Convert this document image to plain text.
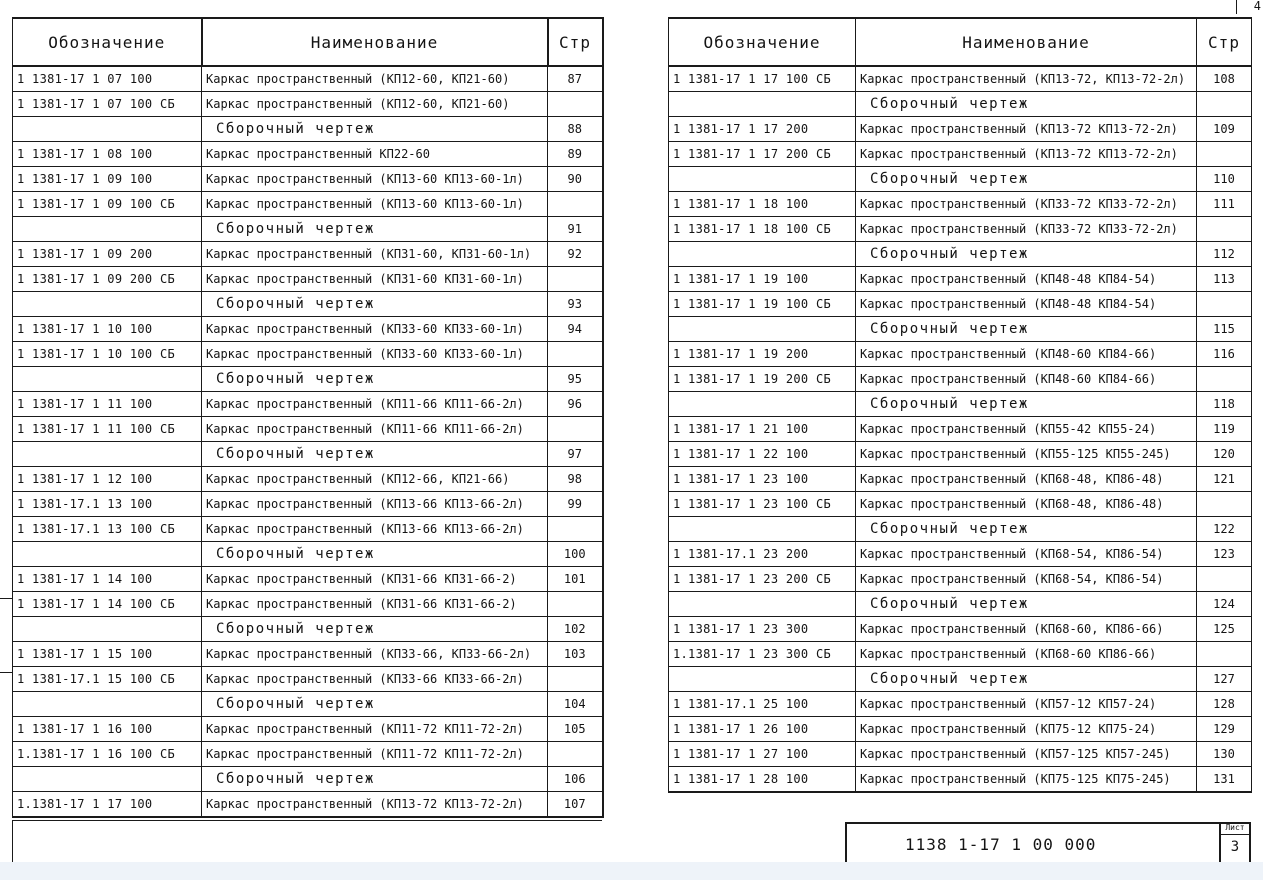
4
Обозначение	Наименование	Стр
1 1381-17 1 07 100	Каркас пространственный (КП12-60, КП21-60)	87
1 1381-17 1 07 100 СБ	Каркас пространственный (КП12-60, КП21-60)	
	Сборочный чертеж	88
1 1381-17 1 08 100	Каркас пространственный КП22-60	89
1 1381-17 1 09 100	Каркас пространственный (КП13-60 КП13-60-1л)	90
1 1381-17 1 09 100 СБ	Каркас пространственный (КП13-60 КП13-60-1л)	
	Сборочный чертеж	91
1 1381-17 1 09 200	Каркас пространственный (КП31-60, КП31-60-1л)	92
1 1381-17 1 09 200 СБ	Каркас пространственный (КП31-60 КП31-60-1л)	
	Сборочный чертеж	93
1 1381-17 1 10 100	Каркас пространственный (КП33-60 КП33-60-1л)	94
1 1381-17 1 10 100 СБ	Каркас пространственный (КП33-60 КП33-60-1л)	
	Сборочный чертеж	95
1 1381-17 1 11 100	Каркас пространственный (КП11-66 КП11-66-2л)	96
1 1381-17 1 11 100 СБ	Каркас пространственный (КП11-66 КП11-66-2л)	
	Сборочный чертеж	97
1 1381-17 1 12 100	Каркас пространственный (КП12-66, КП21-66)	98
1 1381-17.1 13 100	Каркас пространственный (КП13-66 КП13-66-2л)	99
1 1381-17.1 13 100 СБ	Каркас пространственный (КП13-66 КП13-66-2л)	
	Сборочный чертеж	100
1 1381-17 1 14 100	Каркас пространственный (КП31-66 КП31-66-2)	101
1 1381-17 1 14 100 СБ	Каркас пространственный (КП31-66 КП31-66-2)	
	Сборочный чертеж	102
1 1381-17 1 15 100	Каркас пространственный (КП33-66, КП33-66-2л)	103
1 1381-17.1 15 100 СБ	Каркас пространственный (КП33-66 КП33-66-2л)	
	Сборочный чертеж	104
1 1381-17 1 16 100	Каркас пространственный (КП11-72 КП11-72-2л)	105
1.1381-17 1 16 100 СБ	Каркас пространственный (КП11-72 КП11-72-2л)	
	Сборочный чертеж	106
1.1381-17 1 17 100	Каркас пространственный (КП13-72 КП13-72-2л)	107
Обозначение	Наименование	Стр
1 1381-17 1 17 100 СБ	Каркас пространственный (КП13-72, КП13-72-2л)	108
	Сборочный чертеж	
1 1381-17 1 17 200	Каркас пространственный (КП13-72 КП13-72-2л)	109
1 1381-17 1 17 200 СБ	Каркас пространственный (КП13-72 КП13-72-2л)	
	Сборочный чертеж	110
1 1381-17 1 18 100	Каркас пространственный (КП33-72 КП33-72-2л)	111
1 1381-17 1 18 100 СБ	Каркас пространственный (КП33-72 КП33-72-2л)	
	Сборочный чертеж	112
1 1381-17 1 19 100	Каркас пространственный (КП48-48 КП84-54)	113
1 1381-17 1 19 100 СБ	Каркас пространственный (КП48-48 КП84-54)	
	Сборочный чертеж	115
1 1381-17 1 19 200	Каркас пространственный (КП48-60 КП84-66)	116
1 1381-17 1 19 200 СБ	Каркас пространственный (КП48-60 КП84-66)	
	Сборочный чертеж	118
1 1381-17 1 21 100	Каркас пространственный (КП55-42 КП55-24)	119
1 1381-17 1 22 100	Каркас пространственный (КП55-125 КП55-245)	120
1 1381-17 1 23 100	Каркас пространственный (КП68-48, КП86-48)	121
1 1381-17 1 23 100 СБ	Каркас пространственный (КП68-48, КП86-48)	
	Сборочный чертеж	122
1 1381-17.1 23 200	Каркас пространственный (КП68-54, КП86-54)	123
1 1381-17 1 23 200 СБ	Каркас пространственный (КП68-54, КП86-54)	
	Сборочный чертеж	124
1 1381-17 1 23 300	Каркас пространственный (КП68-60, КП86-66)	125
1.1381-17 1 23 300 СБ	Каркас пространственный (КП68-60 КП86-66)	
	Сборочный чертеж	127
1 1381-17.1 25 100	Каркас пространственный (КП57-12 КП57-24)	128
1 1381-17 1 26 100	Каркас пространственный (КП75-12 КП75-24)	129
1 1381-17 1 27 100	Каркас пространственный (КП57-125 КП57-245)	130
1 1381-17 1 28 100	Каркас пространственный (КП75-125 КП75-245)	131
1138 1-17 1 00 000
Лист
3
